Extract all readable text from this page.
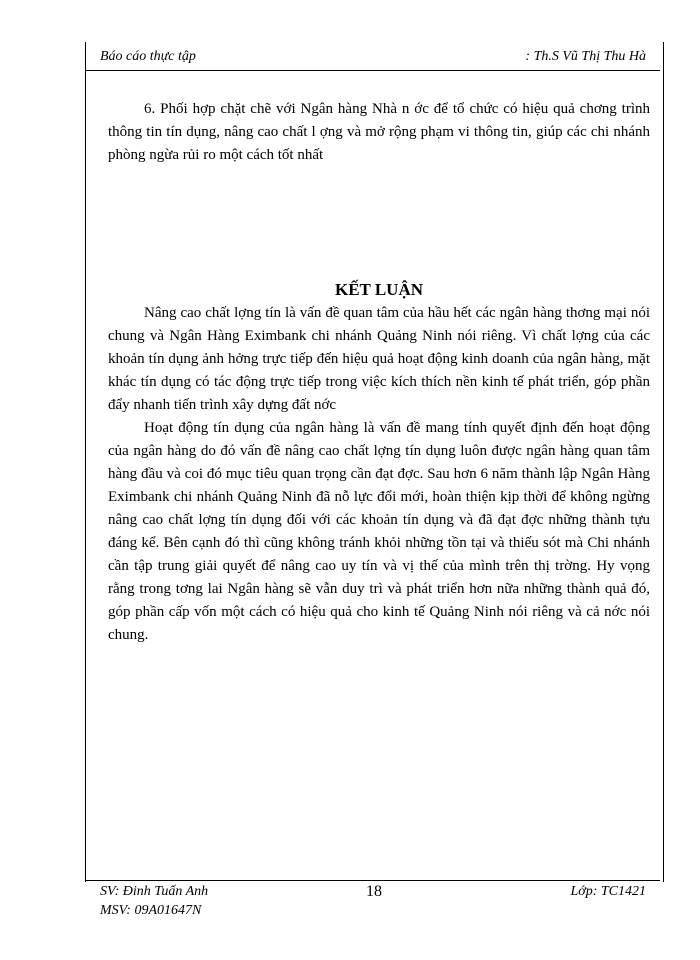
Báo cáo thực tập	: Th.S Vũ Thị Thu Hà

6. Phối hợp chặt chẽ với Ngân hàng Nhà n ớc để tổ chức có hiệu quả chơng trình thông tin tín dụng, nâng cao chất l ợng và mở rộng phạm vi thông tin, giúp các chi nhánh phòng ngừa rủi ro một cách tốt nhất

KẾT LUẬN

Nâng cao chất lợng tín là vấn đề quan tâm của hầu hết các ngân hàng thơng mại nói chung và Ngân Hàng Eximbank chi nhánh Quảng Ninh nói riêng. Vì chất lợng của các khoản tín dụng ảnh hởng trực tiếp đến hiệu quả hoạt động kinh doanh của ngân hàng, mặt khác tín dụng có tác động trực tiếp trong việc kích thích nền kinh tế phát triển, góp phần đẩy nhanh tiến trình xây dựng đất nớc

Hoạt động tín dụng của ngân hàng là vấn đề mang tính quyết định đến hoạt động của ngân hàng do đó vấn đề nâng cao chất lợng tín dụng luôn được ngân hàng quan tâm hàng đầu và coi đó mục tiêu quan trọng cần đạt đợc. Sau hơn 6 năm thành lập Ngân Hàng Eximbank chi nhánh Quảng Ninh đã nỗ lực đổi mới, hoàn thiện kịp thời để không ngừng nâng cao chất lợng tín dụng đối với các khoản tín dụng và đã đạt đợc những thành tựu đáng kể. Bên cạnh đó thì cũng không tránh khỏi những tồn tại và thiếu sót mà Chi nhánh cần tập trung giải quyết để nâng cao uy tín và vị thế của mình trên thị trờng. Hy vọng rằng trong tơng lai Ngân hàng sẽ vẫn duy trì và phát triển hơn nữa những thành quả đó, góp phần cấp vốn một cách có hiệu quả cho kinh tế Quảng Ninh nói riêng và cả nớc nói chung.

SV: Đinh Tuấn Anh
MSV: 09A01647N
18	Lớp: TC1421
